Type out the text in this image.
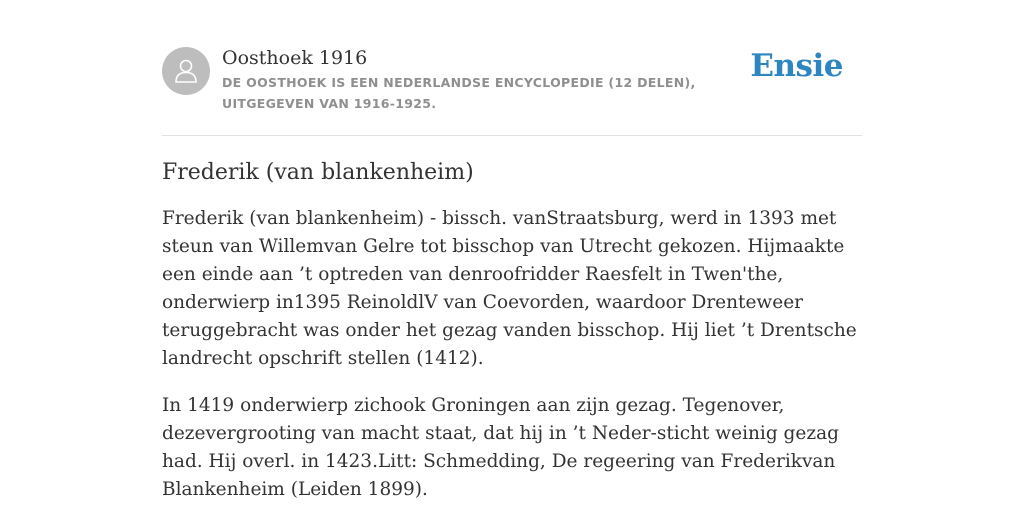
Oosthoek 1916
DE OOSTHOEK IS EEN NEDERLANDSE ENCYCLOPEDIE (12 DELEN), UITGEGEVEN VAN 1916-1925.
Ensie
Frederik (van blankenheim)

Frederik (van blankenheim) - bissch. vanStraatsburg, werd in 1393 met steun van Willemvan Gelre tot bisschop van Utrecht gekozen. Hijmaakte een einde aan ’t optreden van denroofridder Raesfelt in Twen'the, onderwierp in1395 ReinoldlV van Coevorden, waardoor Drenteweer teruggebracht was onder het gezag vanden bisschop. Hij liet ’t Drentsche landrecht opschrift stellen (1412).

In 1419 onderwierp zichook Groningen aan zijn gezag. Tegenover, dezevergrooting van macht staat, dat hij in ’t Neder-sticht weinig gezag had. Hij overl. in 1423.Litt: Schmedding, De regeering van Frederikvan Blankenheim (Leiden 1899).
